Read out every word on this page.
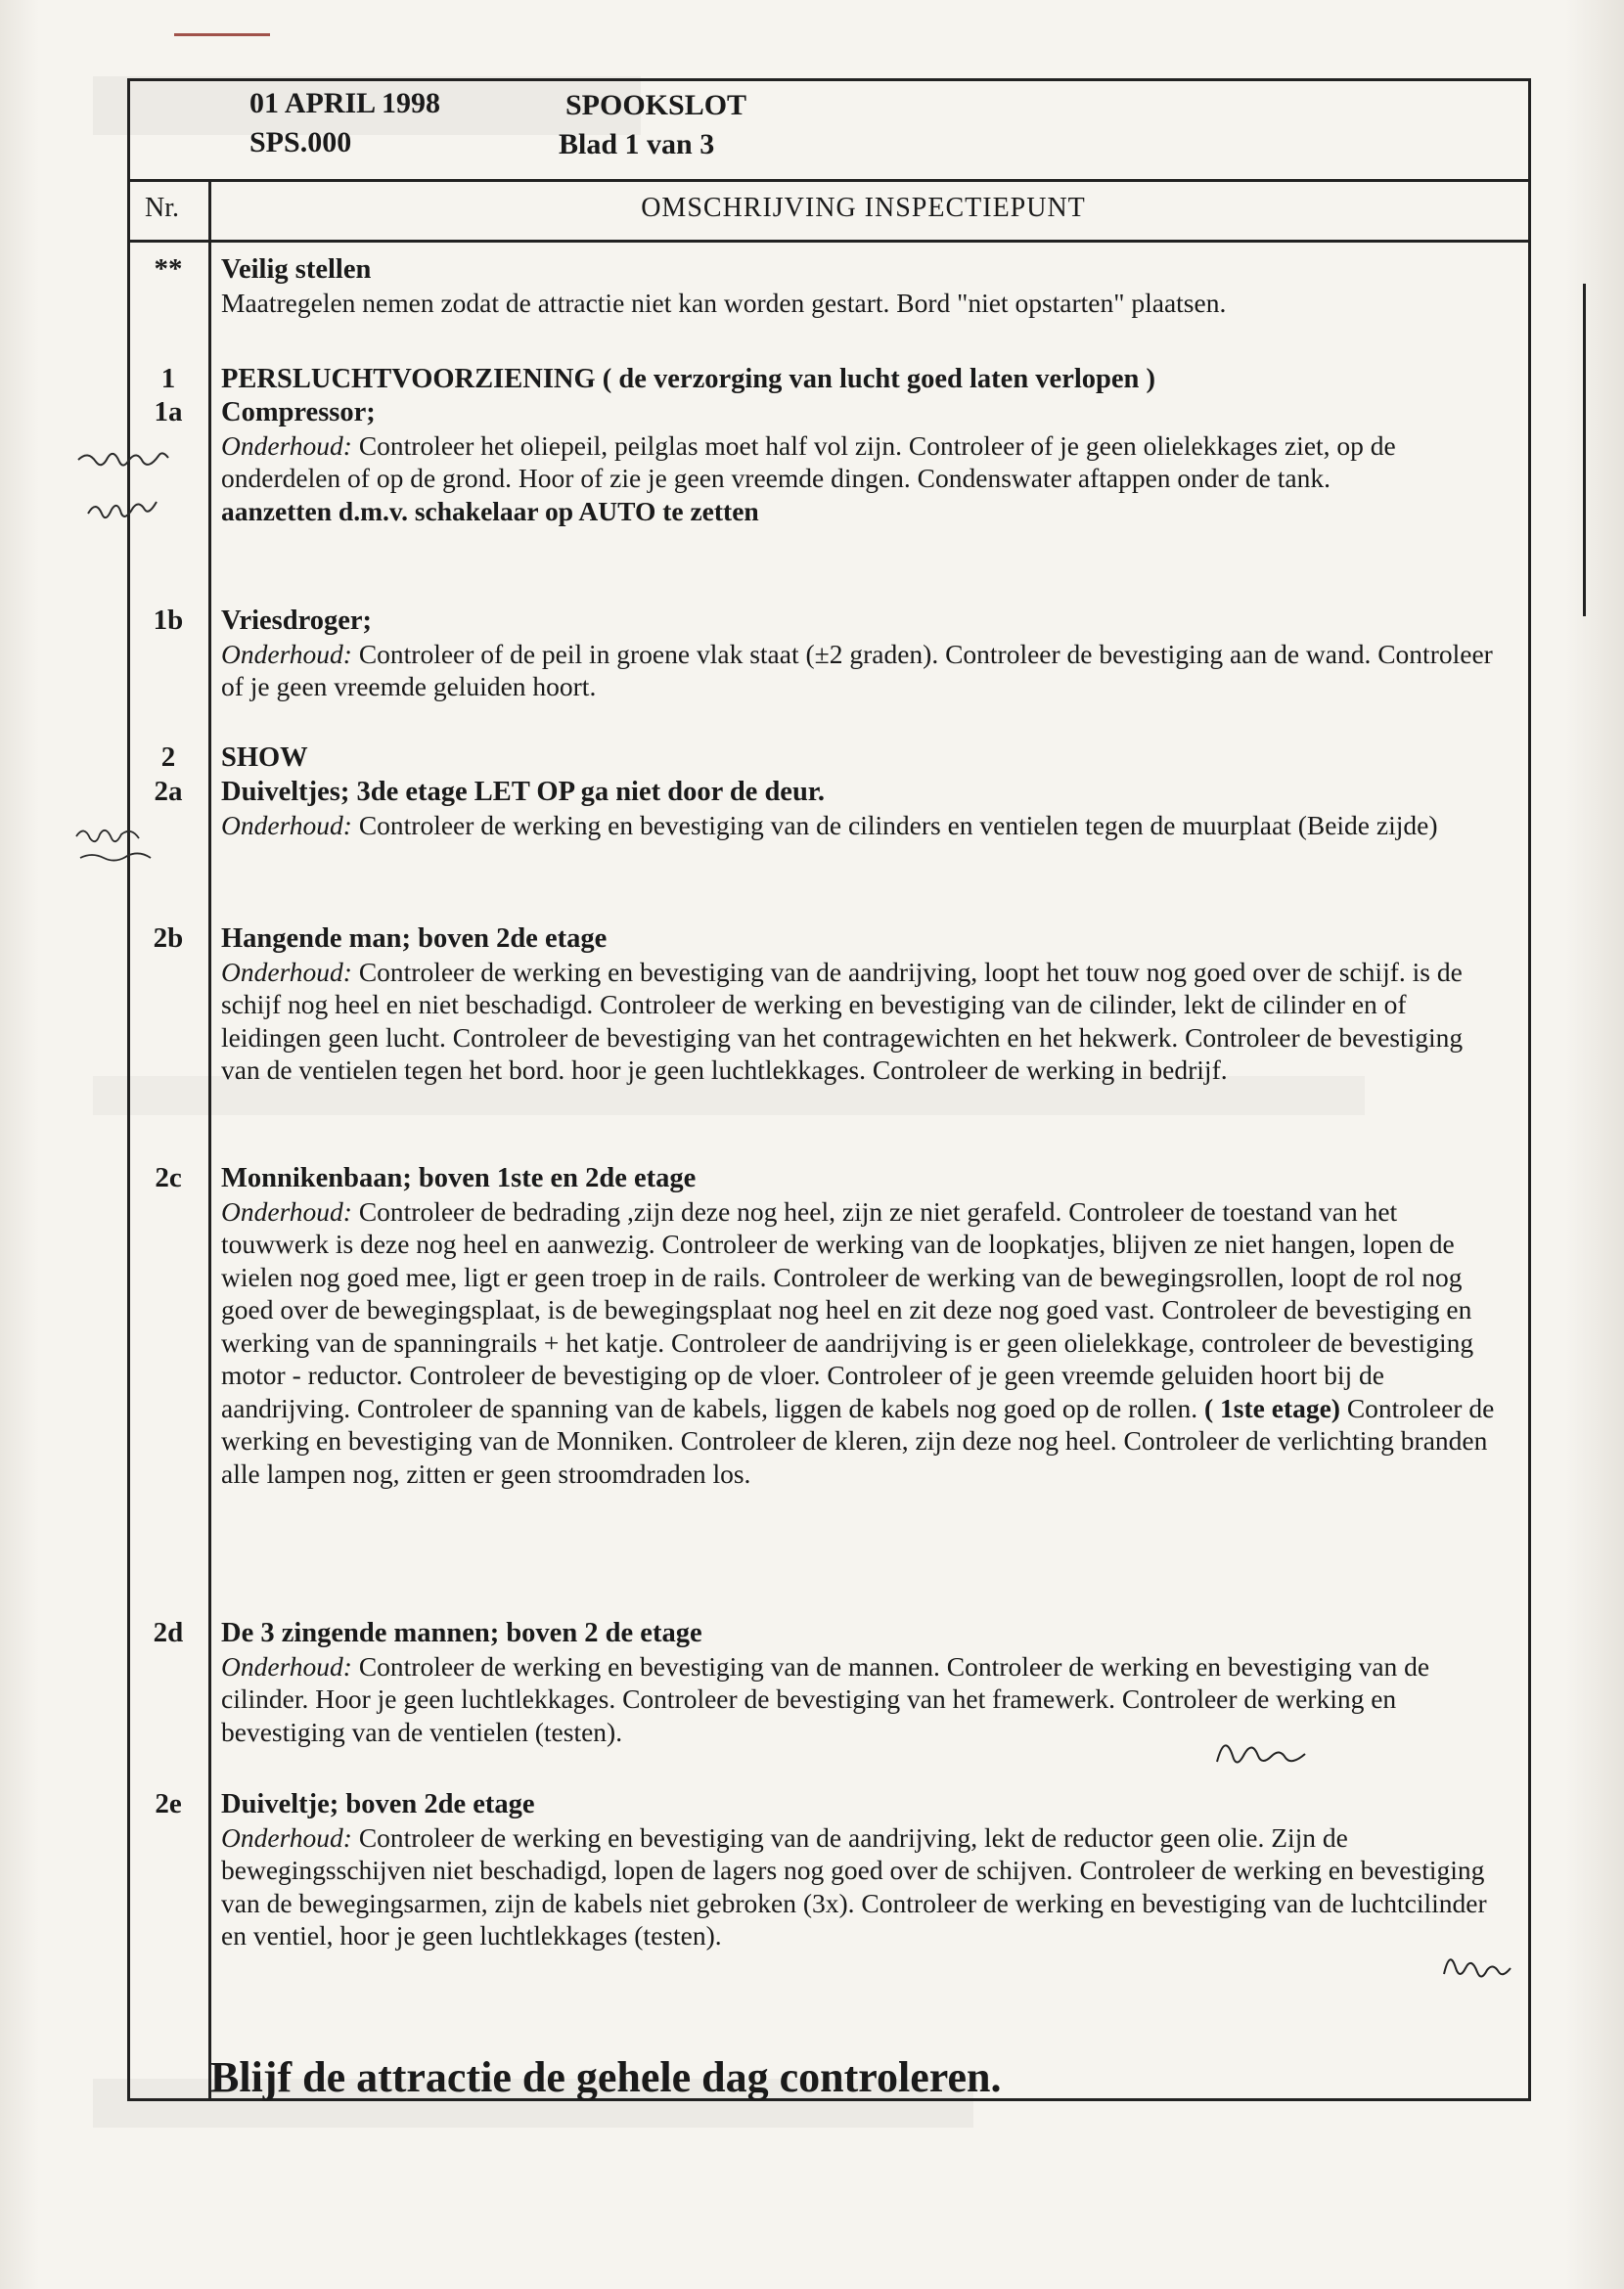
01 APRIL 1998
SPS.000
SPOOKSLOT
Blad 1 van 3
Nr.	OMSCHRIJVING INSPECTIEPUNT
**	Veilig stellen

Maatregelen nemen zodat de attractie niet kan worden gestart. Bord "niet opstarten" plaatsen.

1	PERSLUCHTVOORZIENING ( de verzorging van lucht goed laten verlopen )
1a	Compressor;

Onderhoud: Controleer het oliepeil, peilglas moet half vol zijn. Controleer of je geen olielekkages ziet, op de onderdelen of op de grond. Hoor of zie je geen vreemde dingen. Condenswater aftappen onder de tank.

aanzetten d.m.v. schakelaar op AUTO te zetten
1b	Vriesdroger;

Onderhoud: Controleer of de peil in groene vlak staat (±2 graden). Controleer de bevestiging aan de wand. Controleer of je geen vreemde geluiden hoort.

2	SHOW
2a	Duiveltjes; 3de etage LET OP ga niet door de deur.

Onderhoud: Controleer de werking en bevestiging van de cilinders en ventielen tegen de muurplaat (Beide zijde)

2b	Hangende man; boven 2de etage

Onderhoud: Controleer de werking en bevestiging van de aandrijving, loopt het touw nog goed over de schijf. is de schijf nog heel en niet beschadigd. Controleer de werking en bevestiging van de cilinder, lekt de cilinder en of leidingen geen lucht. Controleer de bevestiging van het contragewichten en het hekwerk. Controleer de bevestiging van de ventielen tegen het bord. hoor je geen luchtlekkages. Controleer de werking in bedrijf.

2c	Monnikenbaan; boven 1ste en 2de etage

Onderhoud: Controleer de bedrading ,zijn deze nog heel, zijn ze niet gerafeld. Controleer de toestand van het touwwerk is deze nog heel en aanwezig. Controleer de werking van de loopkatjes, blijven ze niet hangen, lopen de wielen nog goed mee, ligt er geen troep in de rails. Controleer de werking van de bewegingsrollen, loopt de rol nog goed over de bewegingsplaat, is de bewegingsplaat nog heel en zit deze nog goed vast. Controleer de bevestiging en werking van de spanningrails + het katje. Controleer de aandrijving is er geen olielekkage, controleer de bevestiging motor - reductor. Controleer de bevestiging op de vloer. Controleer of je geen vreemde geluiden hoort bij de aandrijving. Controleer de spanning van de kabels, liggen de kabels nog goed op de rollen. ( 1ste etage) Controleer de werking en bevestiging van de Monniken. Controleer de kleren, zijn deze nog heel. Controleer de verlichting branden alle lampen nog, zitten er geen stroomdraden los.

2d	De 3 zingende mannen; boven 2 de etage

Onderhoud: Controleer de werking en bevestiging van de mannen. Controleer de werking en bevestiging van de cilinder. Hoor je geen luchtlekkages. Controleer de bevestiging van het framewerk. Controleer de werking en bevestiging van de ventielen (testen).

2e	Duiveltje; boven 2de etage

Onderhoud: Controleer de werking en bevestiging van de aandrijving, lekt de reductor geen olie. Zijn de bewegingsschijven niet beschadigd, lopen de lagers nog goed over de schijven. Controleer de werking en bevestiging van de bewegingsarmen, zijn de kabels niet gebroken (3x). Controleer de werking en bevestiging van de luchtcilinder en ventiel, hoor je geen luchtlekkages (testen).

Blijf de attractie de gehele dag controleren.
